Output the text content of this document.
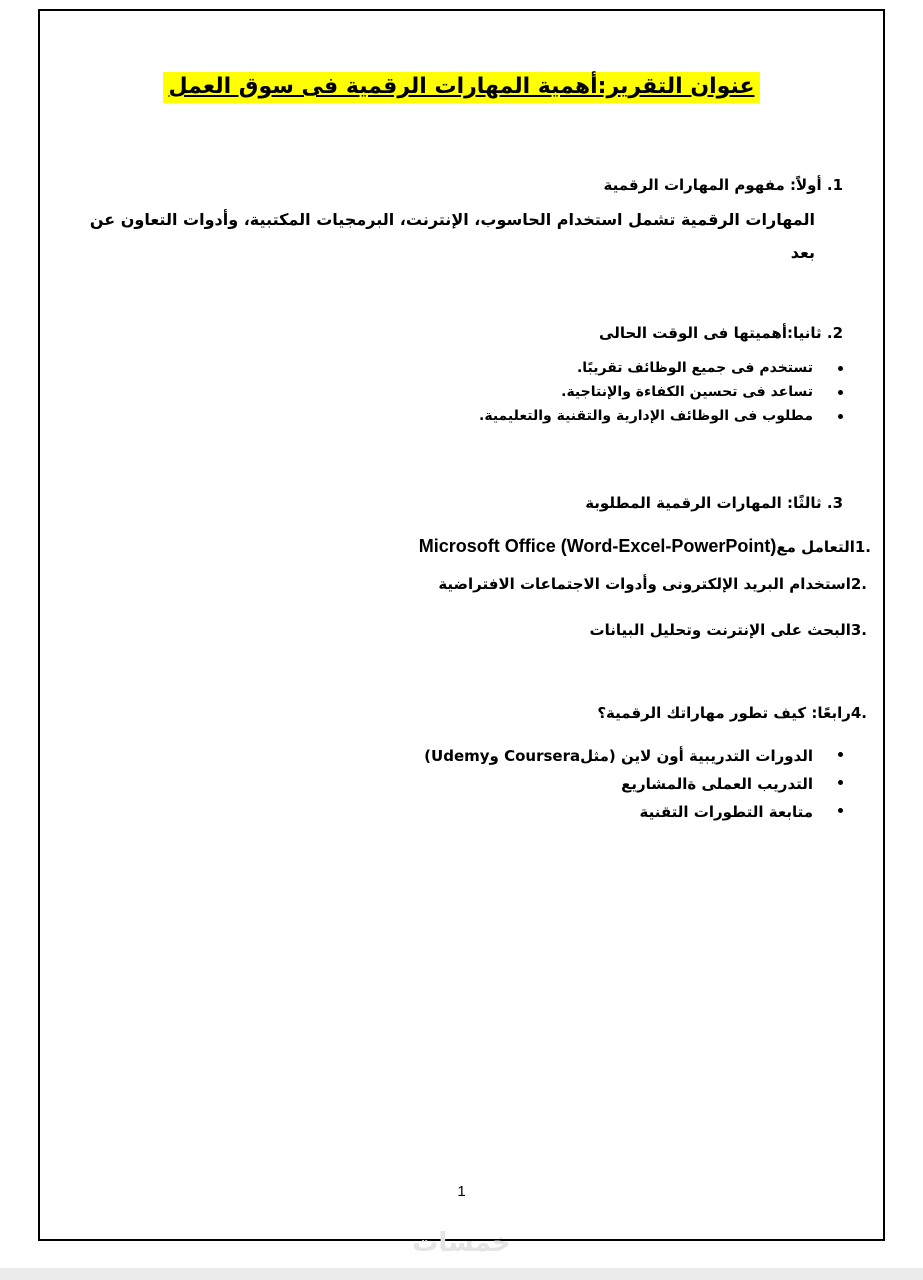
عنوان التقرير:أهمية المهارات الرقمية فى سوق العمل
1. أولاً: مفهوم المهارات الرقمية
المهارات الرقمية تشمل استخدام الحاسوب، الإنترنت، البرمجيات المكتبية، وأدوات التعاون عن
بعد
2. ثانيا:أهميتها فى الوقت الحالى
تستخدم فى جميع الوظائف تقريبًا.
تساعد فى تحسين الكفاءة والإنتاجية.
مطلوب فى الوظائف الإدارية والتقنية والتعليمية.
3. ثالثًا: المهارات الرقمية المطلوبة
.1التعامل مع(Word-Excel-PowerPoint) Microsoft Office
.2استخدام البريد الإلكترونى وأدوات الاجتماعات الافتراضية
.3البحث على الإنترنت وتحليل البيانات
.4رابعًا: كيف تطور مهاراتك الرقمية؟
الدورات التدريبية أون لاين (مثلCoursera وUdemy)
التدريب العملى ةالمشاريع
متابعة التطورات التقنية
1
خمسات
